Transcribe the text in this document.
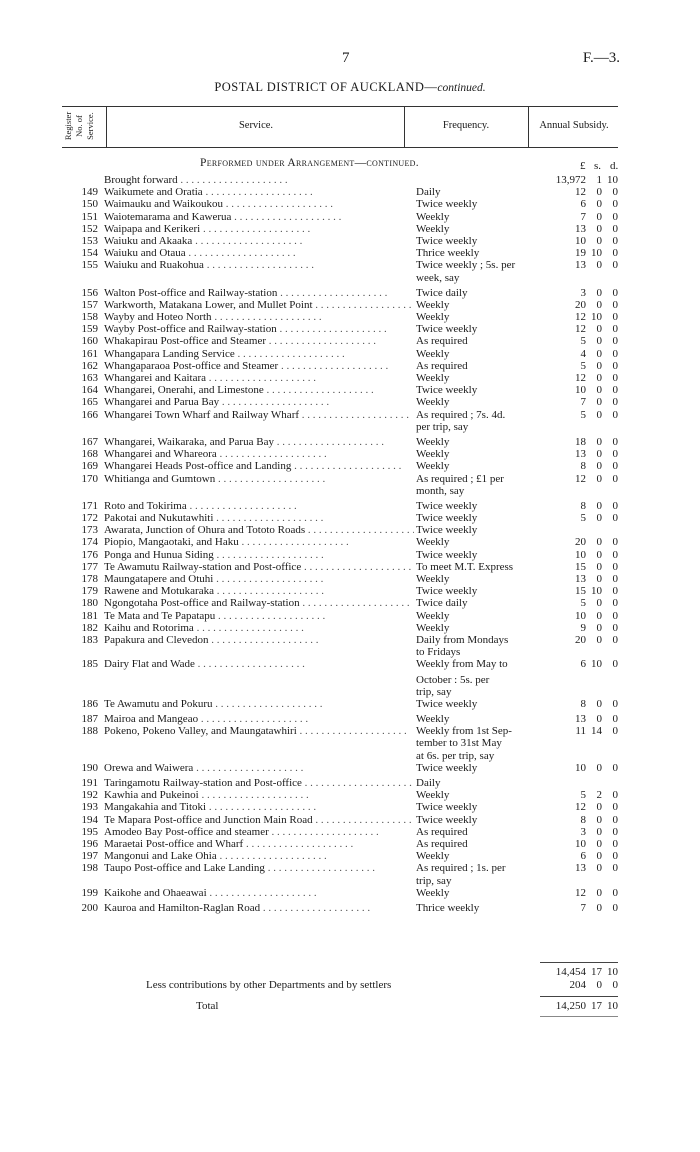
7	F.—3.
POSTAL DISTRICT OF AUCKLAND—continued.
Register No. of Service.	Service.	Frequency.	Annual Subsidy.
Performed under Arrangement—continued.	£ s. d.
Brought forward . .	13,972 1 10
149 Waikumete and Oratia . .	Daily	12 0 0
150 Waimauku and Waikoukou . .	Twice weekly	6 0 0
151 Waiotemarama and Kawerua . .	Weekly	7 0 0
152 Waipapa and Kerikeri . .	Weekly	13 0 0
153 Waiuku and Akaaka . .	Twice weekly	10 0 0
154 Waiuku and Otaua . .	Thrice weekly	19 10 0
155 Waiuku and Ruakohua . .	Twice weekly ; 5s. per	13 0 0
week, say
156 Walton Post-office and Railway-station . .	Twice daily	3 0 0
157 Warkworth, Matakana Lower, and Mullet Point . .	Weekly	20 0 0
158 Wayby and Hoteo North . .	Weekly	12 10 0
159 Wayby Post-office and Railway-station . .	Twice weekly	12 0 0
160 Whakapirau Post-office and Steamer . .	As required	5 0 0
161 Whangapara Landing Service . .	Weekly	4 0 0
162 Whangaparaoa Post-office and Steamer . .	As required	5 0 0
163 Whangarei and Kaitara . .	Weekly	12 0 0
164 Whangarei, Onerahi, and Limestone . .	Twice weekly	10 0 0
165 Whangarei and Parua Bay . .	Weekly	7 0 0
166 Whangarei Town Wharf and Railway Wharf . .	As required ; 7s. 4d.	5 0 0
per trip, say
167 Whangarei, Waikaraka, and Parua Bay . .	Weekly	18 0 0
168 Whangarei and Whareora . .	Weekly	13 0 0
169 Whangarei Heads Post-office and Landing . .	Weekly	8 0 0
170 Whitianga and Gumtown . .	As required ; £1 per	12 0 0
month, say
171 Roto and Tokirima . .	Twice weekly	8 0 0
172 Pakotai and Nukutawhiti . .	Twice weekly	5 0 0
173 Awarata, Junction of Ohura and Tototo Roads . .	Twice weekly
174 Piopio, Mangaotaki, and Haku . .	Weekly	20 0 0
176 Ponga and Hunua Siding . .	Twice weekly	10 0 0
177 Te Awamutu Railway-station and Post-office . .	To meet M.T. Express	15 0 0
178 Maungatapere and Otuhi . .	Weekly	13 0 0
179 Rawene and Motukaraka . .	Twice weekly	15 10 0
180 Ngongotaha Post-office and Railway-station . .	Twice daily	5 0 0
181 Te Mata and Te Papatapu . .	Weekly	10 0 0
182 Kaihu and Rotorima . .	Weekly	9 0 0
183 Papakura and Clevedon . .	Daily from Mondays	20 0 0
to Fridays
185 Dairy Flat and Wade . .	Weekly from May to	6 10 0
October : 5s. per
trip, say
186 Te Awamutu and Pokuru . .	Twice weekly	8 0 0
187 Mairoa and Mangeao . .	Weekly	13 0 0
188 Pokeno, Pokeno Valley, and Maungatawhiri . .	Weekly from 1st Sep-	11 14 0
tember to 31st May
at 6s. per trip, say
190 Orewa and Waiwera . .	Twice weekly	10 0 0
191 Taringamotu Railway-station and Post-office . .	Daily
192 Kawhia and Pukeinoi . .	Weekly	5 2 0
193 Mangakahia and Titoki . .	Twice weekly	12 0 0
194 Te Mapara Post-office and Junction Main Road . .	Twice weekly	8 0 0
195 Amodeo Bay Post-office and steamer . .	As required	3 0 0
196 Maraetai Post-office and Wharf . .	As required	10 0 0
197 Mangonui and Lake Ohia . .	Weekly	6 0 0
198 Taupo Post-office and Lake Landing . .	As required ; 1s. per	13 0 0
trip, say
199 Kaikohe and Ohaeawai . .	Weekly	12 0 0
200 Kauroa and Hamilton-Raglan Road . .	Thrice weekly	7 0 0
14,454 17 10
Less contributions by other Departments and by settlers	204 0 0
Total	14,250 17 10
